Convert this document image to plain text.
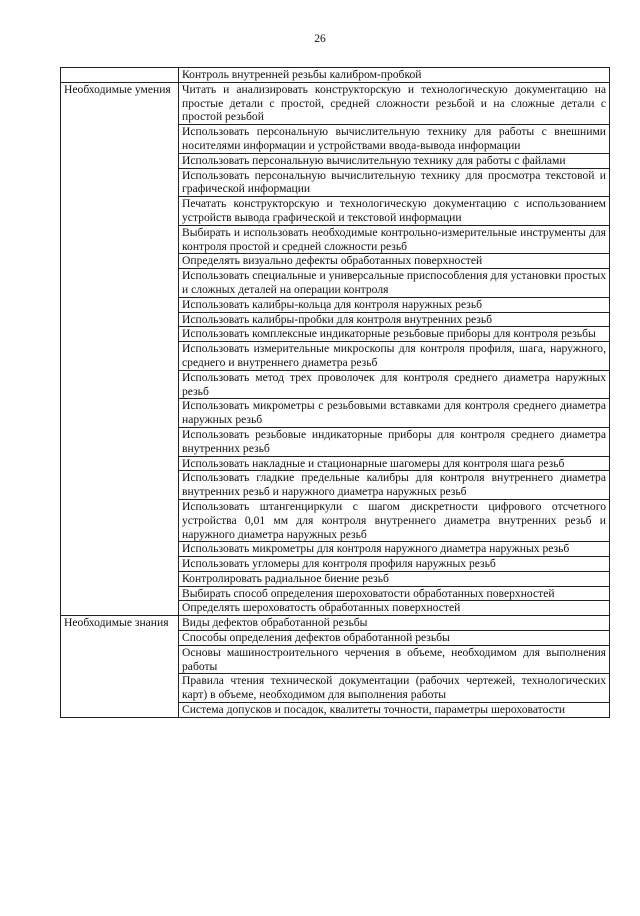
26
	Контроль внутренней резьбы калибром-пробкой
Необходимые умения	Читать и анализировать конструкторскую и технологическую документацию на простые детали с простой, средней сложности резьбой и на сложные детали с простой резьбой
	Использовать персональную вычислительную технику для работы с внешними носителями информации и устройствами ввода-вывода информации
	Использовать персональную вычислительную технику для работы с файлами
	Использовать персональную вычислительную технику для просмотра текстовой и графической информации
	Печатать конструкторскую и технологическую документацию с использованием устройств вывода графической и текстовой информации
	Выбирать и использовать необходимые контрольно-измерительные инструменты для контроля простой и средней сложности резьб
	Определять визуально дефекты обработанных поверхностей
	Использовать специальные и универсальные приспособления для установки простых и сложных деталей на операции контроля
	Использовать калибры-кольца для контроля наружных резьб
	Использовать калибры-пробки для контроля внутренних резьб
	Использовать комплексные индикаторные резьбовые приборы для контроля резьбы
	Использовать измерительные микроскопы для контроля профиля, шага, наружного, среднего и внутреннего диаметра резьб
	Использовать метод трех проволочек для контроля среднего диаметра наружных резьб
	Использовать микрометры с резьбовыми вставками для контроля среднего диаметра наружных резьб
	Использовать резьбовые индикаторные приборы для контроля среднего диаметра внутренних резьб
	Использовать накладные и стационарные шагомеры для контроля шага резьб
	Использовать гладкие предельные калибры для контроля внутреннего диаметра внутренних резьб и наружного диаметра наружных резьб
	Использовать штангенциркули с шагом дискретности цифрового отсчетного устройства 0,01 мм для контроля внутреннего диаметра внутренних резьб и наружного диаметра наружных резьб
	Использовать микрометры для контроля наружного диаметра наружных резьб
	Использовать угломеры для контроля профиля наружных резьб
	Контролировать радиальное биение резьб
	Выбирать способ определения шероховатости обработанных поверхностей
	Определять шероховатость обработанных поверхностей
Необходимые знания	Виды дефектов обработанной резьбы
	Способы определения дефектов обработанной резьбы
	Основы машиностроительного черчения в объеме, необходимом для выполнения работы
	Правила чтения технической документации (рабочих чертежей, технологических карт) в объеме, необходимом для выполнения работы
	Система допусков и посадок, квалитеты точности, параметры шероховатости
